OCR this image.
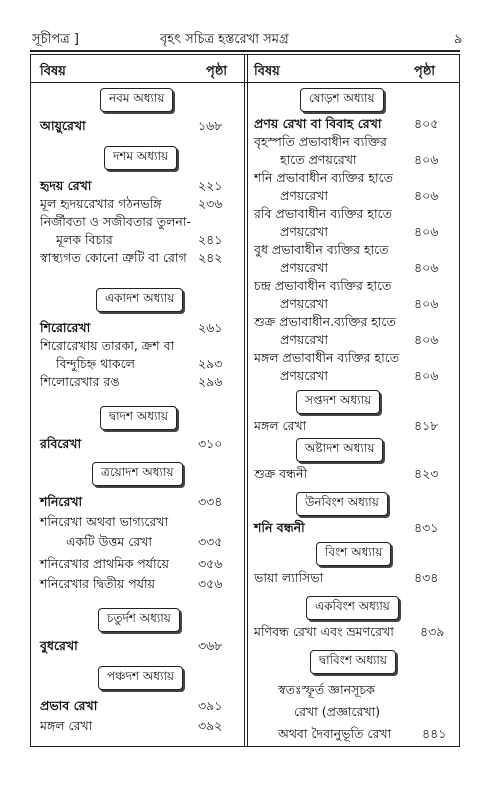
সূচীপত্র ]	বৃহৎ সচিত্র হস্তরেখা সমগ্র	৯
বিষয়	পৃষ্ঠা বিষয়	পৃষ্ঠা
নবম অধ্যায়
আয়ুরেখা	১৬৮
দশম অধ্যায়
হৃদয় রেখা	২২১
মূল হৃদয়রেখার গঠনভঙ্গি	২৩৬
নির্জীবতা ও সজীবতার তুলনা-
মূলক বিচার	২৪১
স্বাস্থ্যগত কোনো ত্রুটি বা রোগ ২৪২
একাদশ অধ্যায়
শিরোরেখা	২৬১
শিরোরেখায় তারকা, ক্রশ বা
বিন্দুচিহ্ন থাকলে	২৯৩
শিলোরেখার রঙ	২৯৬
দ্বাদশ অধ্যায়
রবিরেখা	৩১০
ত্রয়োদশ অধ্যায়
শনিরেখা	৩৩৪
শনিরেখা অথবা ভাগ্যরেখা
একটি উত্তম রেখা	৩৩৫
শনিরেখার প্রাথমিক পর্যায়ে ৩৫৬
শনিরেখার দ্বিতীয় পর্যায়	৩৫৬
চতুর্দশ অধ্যায়
বুধরেখা	৩৬৮
পঞ্চদশ অধ্যায়
প্রভাব রেখা	৩৯১
মঙ্গল রেখা	৩৯২
ষোড়শ অধ্যায়
প্রণয় রেখা বা বিবাহ রেখা	৪০৫
বৃহস্পতি প্রভাবাধীন ব্যক্তির
হাতে প্রণয়রেখা	৪০৬
শনি প্রভাবাধীন ব্যক্তির হাতে
প্রণয়রেখা	৪০৬
রবি প্রভাবাধীন ব্যক্তির হাতে
প্রণয়রেখা	৪০৬
বুধ প্রভাবাধীন ব্যক্তির হাতে
প্রণয়রেখা	৪০৬
চন্দ্র প্রভাবাধীন ব্যক্তির হাতে
প্রণয়রেখা	৪০৬
শুক্র প্রভাবাধীন.ব্যক্তির হাতে
প্রণয়রেখা	৪০৬
মঙ্গল প্রভাবাধীন ব্যক্তির হাতে
প্রণয়রেখা	৪০৬
সপ্তদশ অধ্যায়
মঙ্গল রেখা	৪১৮
অষ্টাদশ অধ্যায়
শুক্র বন্ধনী	৪২৩
উনবিংশ অধ্যায়
শনি বন্ধনী	৪৩১
বিংশ অধ্যায়
ভায়া ল্যাসিভা	৪৩৪
একবিংশ অধ্যায়
মণিবন্ধ রেখা এবং ভ্রমণরেখা ৪৩৯
দ্বাবিংশ অধ্যায়
স্বতঃস্ফূর্ত জ্ঞানসূচক
রেখা (প্রজ্ঞারেখা)
অথবা দৈবানুভূতি রেখা ৪৪১
